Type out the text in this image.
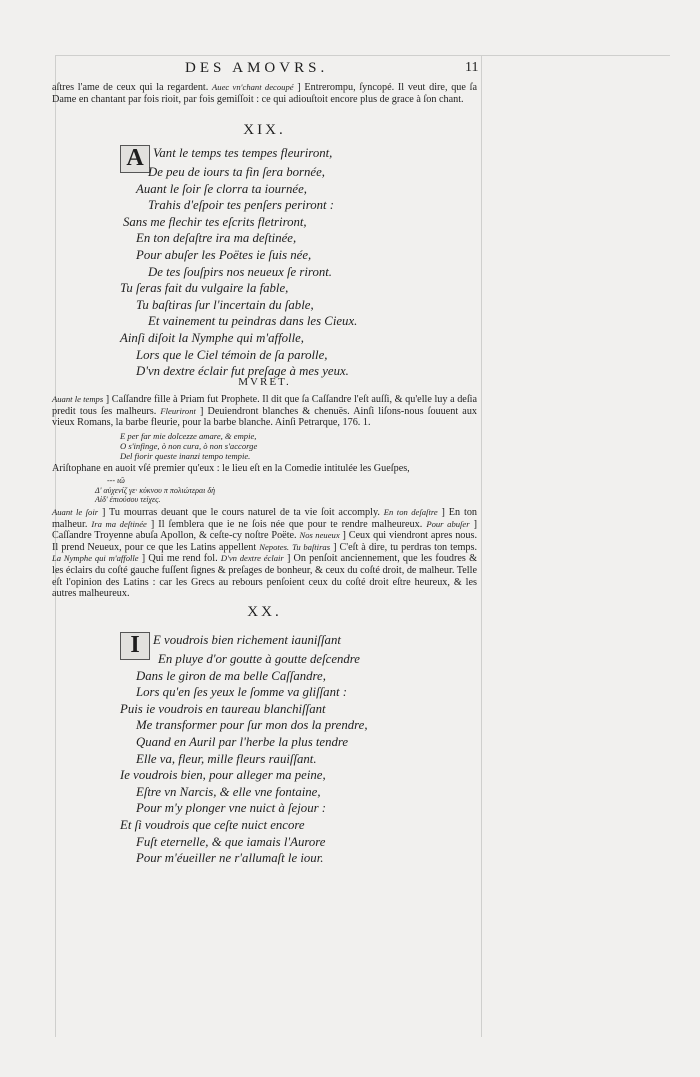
DES AMOVRS.	11
aſtres l'ame de ceux qui la regardent. Auec vn'chant decoupé ] Entrerompu, ſyncopé. Il veut dire, que ſa Dame en chantant par fois rioit, par fois gemiſſoit : ce qui adiouſtoit encore plus de grace à ſon chant.
XIX.
A Vant le temps tes tempes fleuriront,
De peu de iours ta fin ſera bornée,
Auant le ſoir ſe clorra ta iournée,
Trahis d'eſpoir tes penſers periront :
Sans me flechir tes eſcrits fletriront,
En ton deſaſtre ira ma deſtinée,
Pour abuſer les Poëtes ie ſuis née,
De tes ſouſpirs nos neueux ſe riront.
Tu ſeras fait du vulgaire la fable,
Tu baſtiras ſur l'incertain du ſable,
Et vainement tu peindras dans les Cieux.
Ainſi diſoit la Nymphe qui m'affolle,
Lors que le Ciel témoin de ſa parolle,
D'vn dextre éclair fut preſage à mes yeux.
MVRET.
Auant le temps ] Caſſandre fille à Priam fut Prophete. Il dit que ſa Caſſandre l'eſt auſſi, & qu'elle luy a deſia predit tous ſes malheurs. Fleuriront ] Deuiendront blanches & chenuës. Ainſi liſons-nous ſouuent aux vieux Romans, la barbe fleurie, pour la barbe blanche. Ainſi Petrarque, 176. 1.
E per far mie dolcezze amare, & empie,
O s'infinge, ò non cura, ò non s'accorge
Del fiorir queste inanzi tempo tempie.
Ariſtophane en auoit vſé premier qu'eux : le lieu eſt en la Comedie intitulée les Gueſpes,
--- ιῶ
Δ' αὐχενίζ γε· κύκνου π πολιώτεραι δὴ
Αἱδ' ἐπιούσου τείχες.
Auant le ſoir ] Tu mourras deuant que le cours naturel de ta vie ſoit accomply. En ton deſaſtre ] En ton malheur. Ira ma deſtinée ] Il ſemblera que ie ne ſois née que pour te rendre malheureux. Pour abuſer ] Caſſandre Troyenne abuſa Apollon, & ceſte-cy noſtre Poëte. Nos neueux ] Ceux qui viendront apres nous. Il prend Neueux, pour ce que les Latins appellent Nepotes. Tu baſtiras ] C'eſt à dire, tu perdras ton temps. La Nymphe qui m'affolle ] Qui me rend fol. D'vn dextre éclair ] On penſoit anciennement, que les foudres & les éclairs du coſté gauche fuſſent ſignes & preſages de bonheur, & ceux du coſté droit, de malheur. Telle eſt l'opinion des Latins : car les Grecs au rebours penſoient ceux du coſté droit eſtre heureux, & les autres malheureux.
XX.
I E voudrois bien richement iauniſſant
En pluye d'or goutte à goutte deſcendre
Dans le giron de ma belle Caſſandre,
Lors qu'en ſes yeux le ſomme va gliſſant :
Puis ie voudrois en taureau blanchiſſant
Me transformer pour ſur mon dos la prendre,
Quand en Auril par l'herbe la plus tendre
Elle va, fleur, mille fleurs rauiſſant.
Ie voudrois bien, pour alleger ma peine,
Eſtre vn Narcis, & elle vne fontaine,
Pour m'y plonger vne nuict à ſejour :
Et ſi voudrois que ceſte nuict encore
Fuſt eternelle, & que iamais l'Aurore
Pour m'éueiller ne r'allumaſt le iour.
